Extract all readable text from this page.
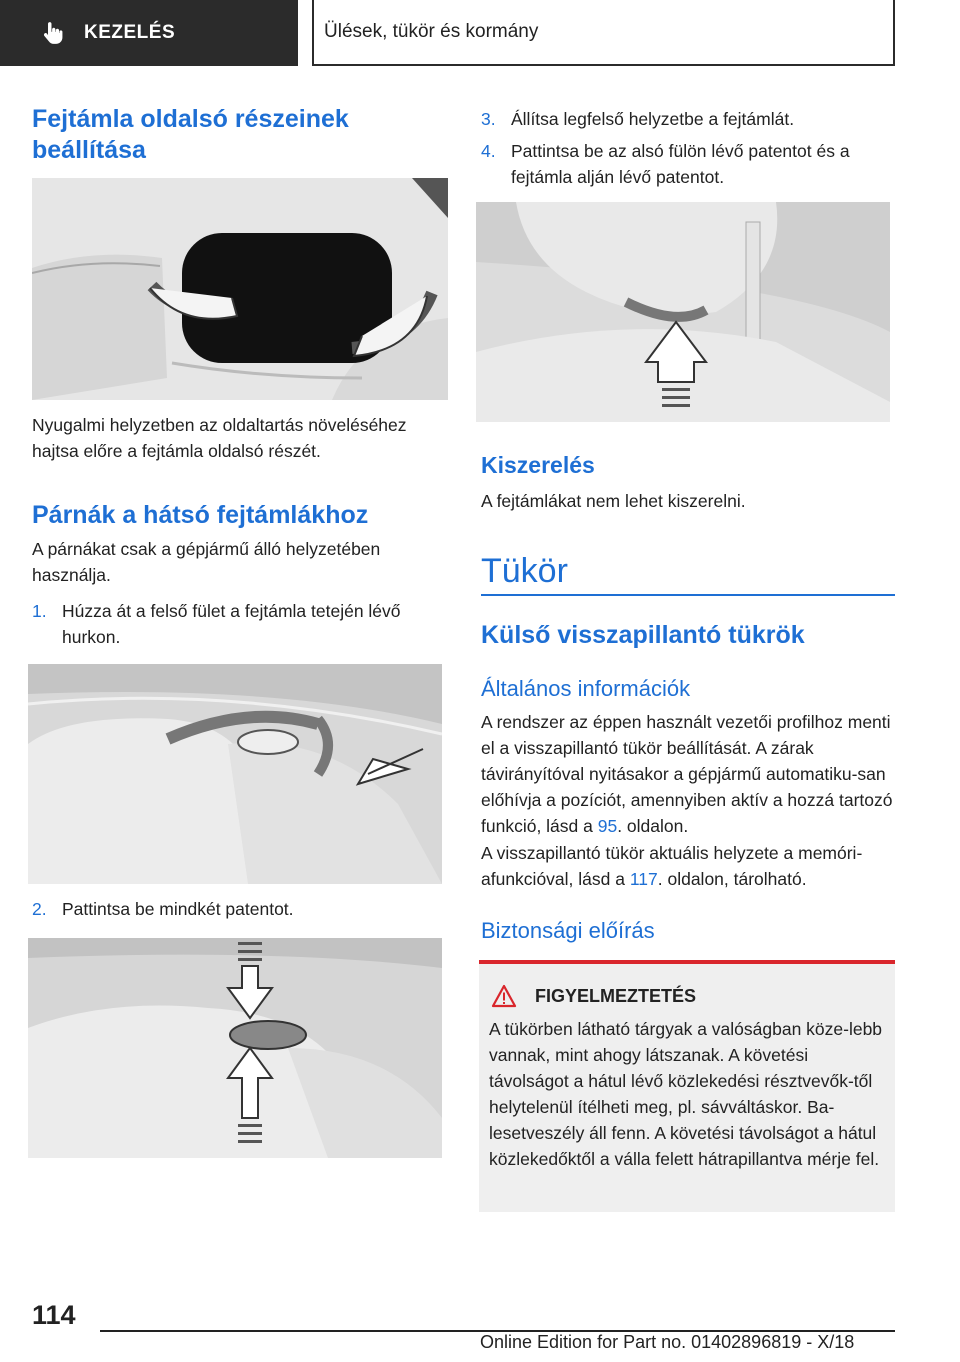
KEZELÉS	Ülések, tükör és kormány
Fejtámla oldalsó részeinek beállítása
Nyugalmi helyzetben az oldaltartás növeléséhez hajtsa előre a fejtámla oldalsó részét.
Párnák a hátsó fejtámlákhoz
A párnákat csak a gépjármű álló helyzetében használja.
1. Húzza át a felső fület a fejtámla tetején lévő hurkon.
2. Pattintsa be mindkét patentot.
3. Állítsa legfelső helyzetbe a fejtámlát.
4. Pattintsa be az alsó fülön lévő patentot és a fejtámla alján lévő patentot.
Kiszerelés
A fejtámlákat nem lehet kiszerelni.
Tükör
Külső visszapillantó tükrök
Általános információk
A rendszer az éppen használt vezetői profilhoz menti el a visszapillantó tükör beállítását. A zárak távirányítóval nyitásakor a gépjármű automatiku-san előhívja a pozíciót, amennyiben aktív a hozzá tartozó funkció, lásd a 95. oldalon.
A visszapillantó tükör aktuális helyzete a memóri-afunkcióval, lásd a 117. oldalon, tárolható.
Biztonsági előírás
FIGYELMEZTETÉS
A tükörben látható tárgyak a valóságban köze-lebb vannak, mint ahogy látszanak. A követési távolságot a hátul lévő közlekedési résztvevők-től helytelenül ítélheti meg, pl. sávváltáskor. Ba-lesetveszély áll fenn. A követési távolságot a hátul közlekedőktől a válla felett hátrapillantva mérje fel.
114
Online Edition for Part no. 01402896819 - X/18
